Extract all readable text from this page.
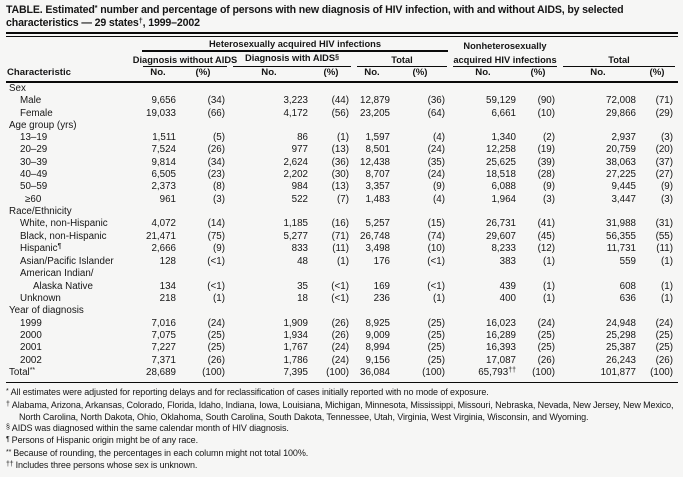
TABLE. Estimated* number and percentage of persons with new diagnosis of HIV infection, with and without AIDS, by selected characteristics — 29 states†, 1999–2002

	Heterosexually acquired HIV infections						Nonheterosexually			

	Diagnosis without AIDS		Diagnosis with AIDS§		Total		acquired HIV infections		Total	

Characteristic	No.	(%)	No.	(%)	No.	(%)	No.	(%)	No.	(%)
Sex										
Male	9,656	(34)	3,223	(44)	12,879	(36)	59,129	(90)	72,008	(71)
Female	19,033	(66)	4,172	(56)	23,205	(64)	6,661	(10)	29,866	(29)
Age group (yrs)										
13–19	1,511	(5)	86	(1)	1,597	(4)	1,340	(2)	2,937	(3)
20–29	7,524	(26)	977	(13)	8,501	(24)	12,258	(19)	20,759	(20)
30–39	9,814	(34)	2,624	(36)	12,438	(35)	25,625	(39)	38,063	(37)
40–49	6,505	(23)	2,202	(30)	8,707	(24)	18,518	(28)	27,225	(27)
50–59	2,373	(8)	984	(13)	3,357	(9)	6,088	(9)	9,445	(9)
≥60	961	(3)	522	(7)	1,483	(4)	1,964	(3)	3,447	(3)
Race/Ethnicity										
White, non-Hispanic	4,072	(14)	1,185	(16)	5,257	(15)	26,731	(41)	31,988	(31)
Black, non-Hispanic	21,471	(75)	5,277	(71)	26,748	(74)	29,607	(45)	56,355	(55)
Hispanic¶	2,666	(9)	833	(11)	3,498	(10)	8,233	(12)	11,731	(11)
Asian/Pacific Islander	128	(<1)	48	(1)	176	(<1)	383	(1)	559	(1)
American Indian/										
Alaska Native	134	(<1)	35	(<1)	169	(<1)	439	(1)	608	(1)
Unknown	218	(1)	18	(<1)	236	(1)	400	(1)	636	(1)
Year of diagnosis										
1999	7,016	(24)	1,909	(26)	8,925	(25)	16,023	(24)	24,948	(24)
2000	7,075	(25)	1,934	(26)	9,009	(25)	16,289	(25)	25,298	(25)
2001	7,227	(25)	1,767	(24)	8,994	(25)	16,393	(25)	25,387	(25)
2002	7,371	(26)	1,786	(24)	9,156	(25)	17,087	(26)	26,243	(26)
Total**	28,689	(100)	7,395	(100)	36,084	(100)	65,793††	(100)	101,877	(100)

* All estimates were adjusted for reporting delays and for reclassification of cases initially reported with no mode of exposure.

† Alabama, Arizona, Arkansas, Colorado, Florida, Idaho, Indiana, Iowa, Louisiana, Michigan, Minnesota, Mississippi, Missouri, Nebraska, Nevada, New Jersey, New Mexico, North Carolina, North Dakota, Ohio, Oklahoma, South Carolina, South Dakota, Tennessee, Utah, Virginia, West Virginia, Wisconsin, and Wyoming.

§ AIDS was diagnosed within the same calendar month of HIV diagnosis.

¶ Persons of Hispanic origin might be of any race.

** Because of rounding, the percentages in each column might not total 100%.

†† Includes three persons whose sex is unknown.
